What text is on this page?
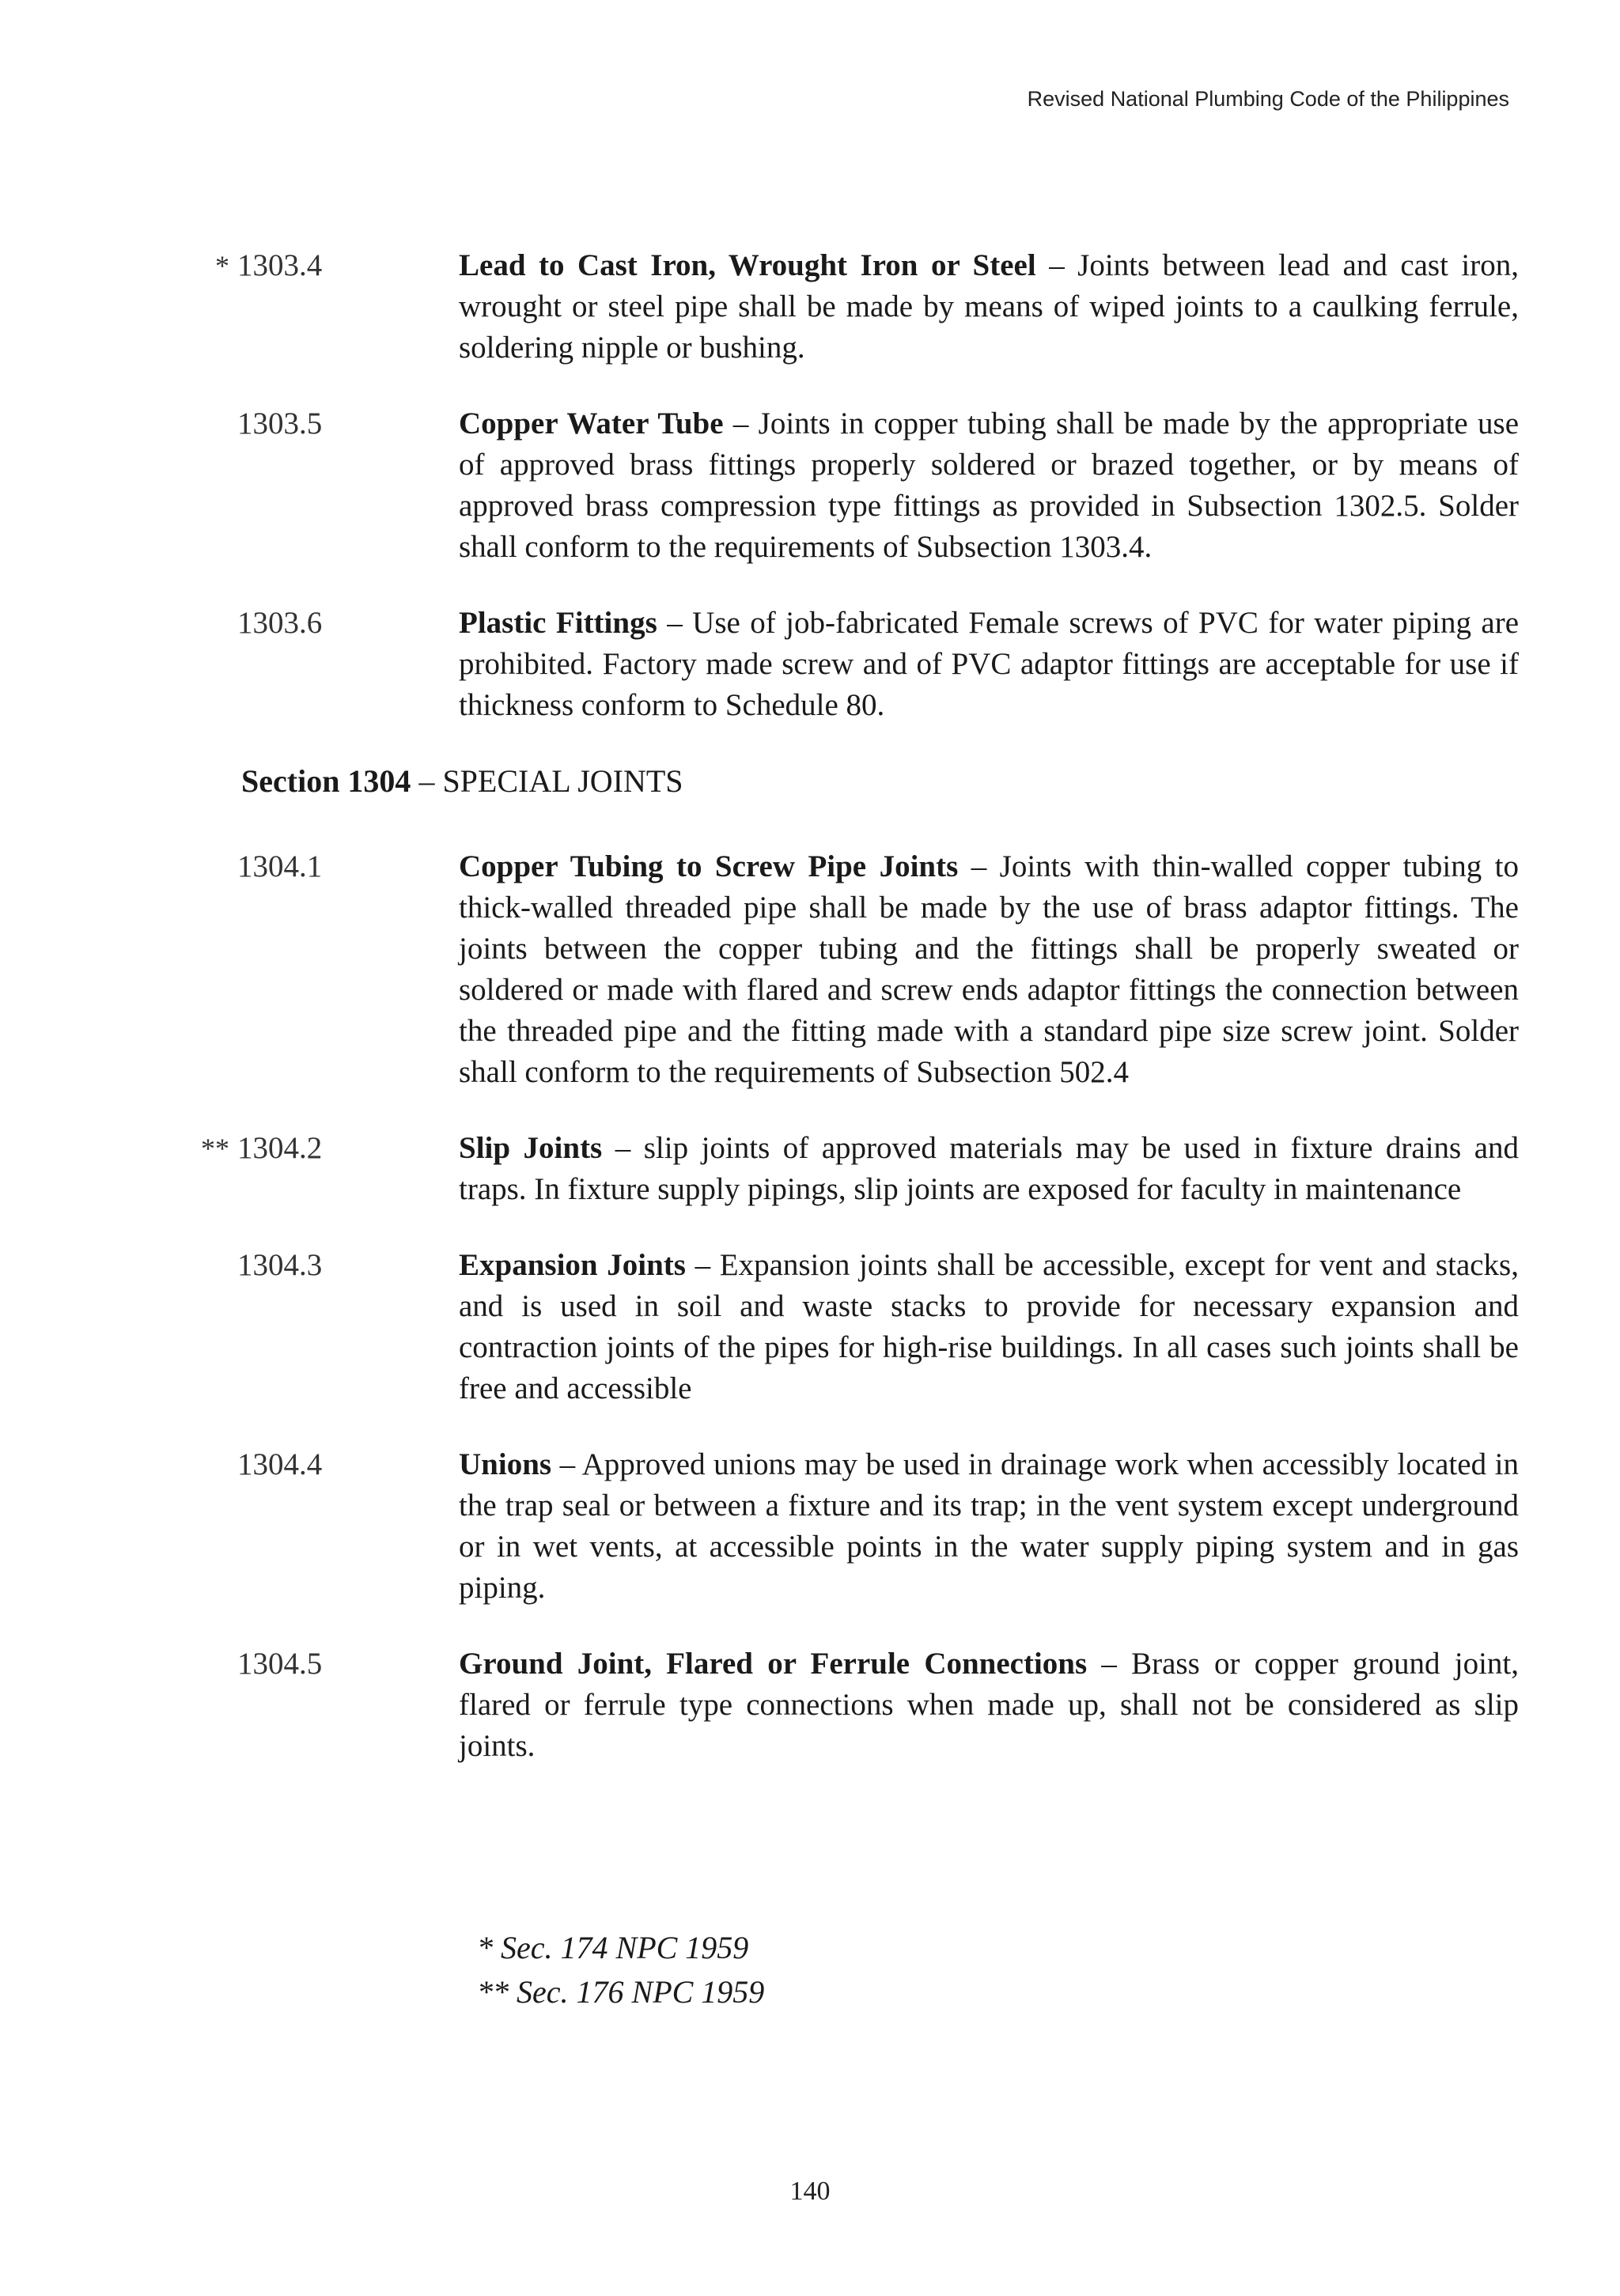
Revised National Plumbing Code of the Philippines
* 1303.4	Lead to Cast Iron, Wrought Iron or Steel – Joints between lead and cast iron, wrought or steel pipe shall be made by means of wiped joints to a caulking ferrule, soldering nipple or bushing.
1303.5	Copper Water Tube – Joints in copper tubing shall be made by the appropriate use of approved brass fittings properly soldered or brazed together, or by means of approved brass compression type fittings as provided in Subsection 1302.5. Solder shall conform to the requirements of Subsection 1303.4.
1303.6	Plastic Fittings – Use of job-fabricated Female screws of PVC for water piping are prohibited. Factory made screw and of PVC adaptor fittings are acceptable for use if thickness conform to Schedule 80.
Section 1304 – SPECIAL JOINTS
1304.1	Copper Tubing to Screw Pipe Joints – Joints with thin-walled copper tubing to thick-walled threaded pipe shall be made by the use of brass adaptor fittings. The joints between the copper tubing and the fittings shall be properly sweated or soldered or made with flared and screw ends adaptor fittings the connection between the threaded pipe and the fitting made with a standard pipe size screw joint. Solder shall conform to the requirements of Subsection 502.4
** 1304.2	Slip Joints – slip joints of approved materials may be used in fixture drains and traps. In fixture supply pipings, slip joints are exposed for faculty in maintenance
1304.3	Expansion Joints – Expansion joints shall be accessible, except for vent and stacks, and is used in soil and waste stacks to provide for necessary expansion and contraction joints of the pipes for high-rise buildings. In all cases such joints shall be free and accessible
1304.4	Unions – Approved unions may be used in drainage work when accessibly located in the trap seal or between a fixture and its trap; in the vent system except underground or in wet vents, at accessible points in the water supply piping system and in gas piping.
1304.5	Ground Joint, Flared or Ferrule Connections – Brass or copper ground joint, flared or ferrule type connections when made up, shall not be considered as slip joints.
* Sec. 174 NPC 1959
** Sec. 176 NPC 1959
140
